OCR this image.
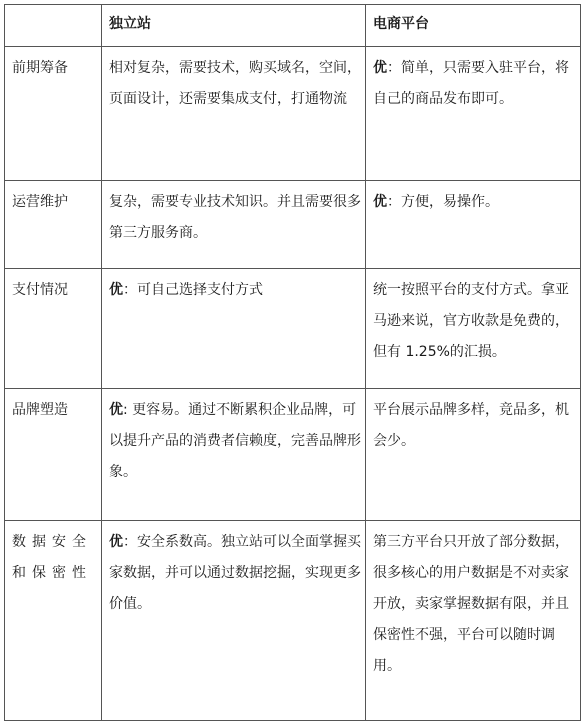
	独立站	电商平台
前期筹备	相对复杂，需要技术，购买域名，空间，页面设计，还需要集成支付，打通物流	优：简单，只需要入驻平台，将自己的商品发布即可。
运营维护	复杂，需要专业技术知识。并且需要很多第三方服务商。	优：方便，易操作。
支付情况	优：可自己选择支付方式	统一按照平台的支付方式。拿亚马逊来说，官方收款是免费的，但有 1.25%的汇损。
品牌塑造	优: 更容易。通过不断累积企业品牌，可以提升产品的消费者信赖度，完善品牌形象。	平台展示品牌多样，竞品多，机会少。
数据安全和保密性	优：安全系数高。独立站可以全面掌握买家数据，并可以通过数据挖掘，实现更多价值。	第三方平台只开放了部分数据，很多核心的用户数据是不对卖家开放，卖家掌握数据有限，并且保密性不强，平台可以随时调用。
